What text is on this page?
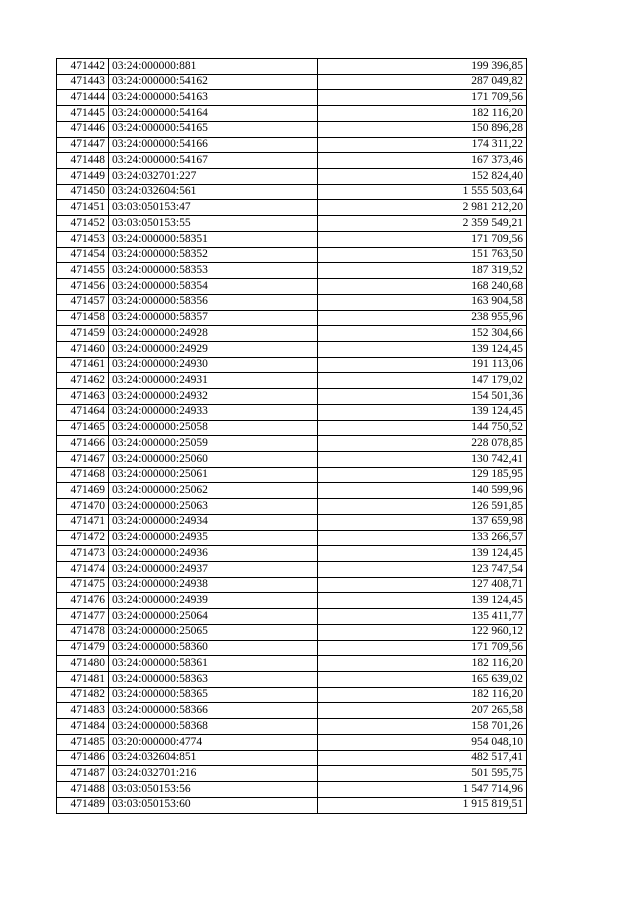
471442	03:24:000000:881	199 396,85
471443	03:24:000000:54162	287 049,82
471444	03:24:000000:54163	171 709,56
471445	03:24:000000:54164	182 116,20
471446	03:24:000000:54165	150 896,28
471447	03:24:000000:54166	174 311,22
471448	03:24:000000:54167	167 373,46
471449	03:24:032701:227	152 824,40
471450	03:24:032604:561	1 555 503,64
471451	03:03:050153:47	2 981 212,20
471452	03:03:050153:55	2 359 549,21
471453	03:24:000000:58351	171 709,56
471454	03:24:000000:58352	151 763,50
471455	03:24:000000:58353	187 319,52
471456	03:24:000000:58354	168 240,68
471457	03:24:000000:58356	163 904,58
471458	03:24:000000:58357	238 955,96
471459	03:24:000000:24928	152 304,66
471460	03:24:000000:24929	139 124,45
471461	03:24:000000:24930	191 113,06
471462	03:24:000000:24931	147 179,02
471463	03:24:000000:24932	154 501,36
471464	03:24:000000:24933	139 124,45
471465	03:24:000000:25058	144 750,52
471466	03:24:000000:25059	228 078,85
471467	03:24:000000:25060	130 742,41
471468	03:24:000000:25061	129 185,95
471469	03:24:000000:25062	140 599,96
471470	03:24:000000:25063	126 591,85
471471	03:24:000000:24934	137 659,98
471472	03:24:000000:24935	133 266,57
471473	03:24:000000:24936	139 124,45
471474	03:24:000000:24937	123 747,54
471475	03:24:000000:24938	127 408,71
471476	03:24:000000:24939	139 124,45
471477	03:24:000000:25064	135 411,77
471478	03:24:000000:25065	122 960,12
471479	03:24:000000:58360	171 709,56
471480	03:24:000000:58361	182 116,20
471481	03:24:000000:58363	165 639,02
471482	03:24:000000:58365	182 116,20
471483	03:24:000000:58366	207 265,58
471484	03:24:000000:58368	158 701,26
471485	03:20:000000:4774	954 048,10
471486	03:24:032604:851	482 517,41
471487	03:24:032701:216	501 595,75
471488	03:03:050153:56	1 547 714,96
471489	03:03:050153:60	1 915 819,51
